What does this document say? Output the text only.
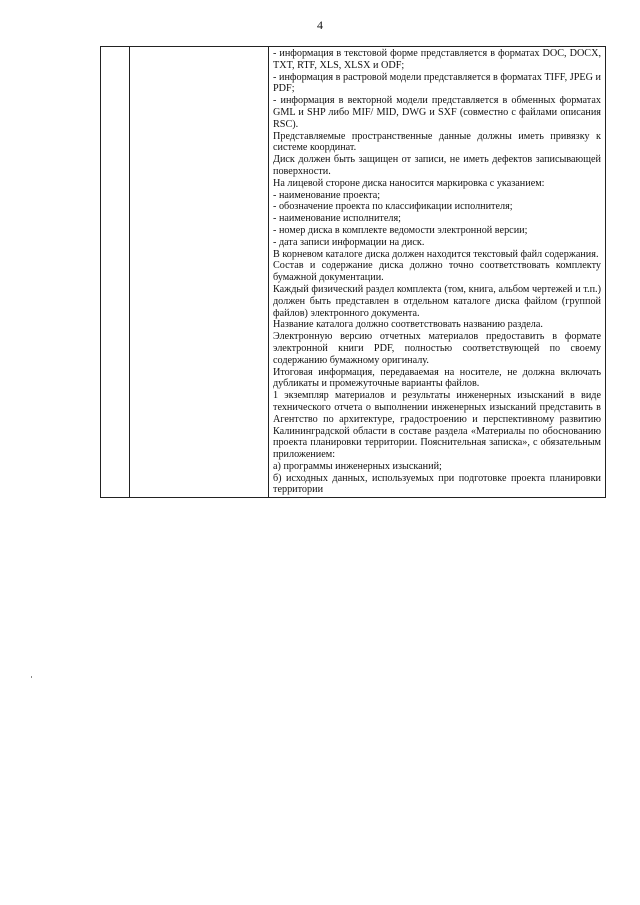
4

- информация в текстовой форме представляется в форматах DOC, DOCX, TXT, RTF, XLS, XLSX и ODF;

- информация в растровой модели представляется в форматах TIFF, JPEG и PDF;

- информация в векторной модели представляется в обменных форматах GML и SHP либо MIF/ MID, DWG и SXF (совместно с файлами описания RSC).

Представляемые пространственные данные должны иметь привязку к системе координат.

Диск должен быть защищен от записи, не иметь дефектов записывающей поверхности.

На лицевой стороне диска наносится маркировка с указанием:

- наименование проекта;

- обозначение проекта по классификации исполнителя;

- наименование исполнителя;

- номер диска в комплекте ведомости электронной версии;

- дата записи информации на диск.

В корневом каталоге диска должен находится текстовый файл содержания.

Состав и содержание диска должно точно соответствовать комплекту бумажной документации.

Каждый физический раздел комплекта (том, книга, альбом чертежей и т.п.) должен быть представлен в отдельном каталоге диска файлом (группой файлов) электронного документа.

Название каталога должно соответствовать названию раздела.

Электронную версию отчетных материалов предоставить в формате электронной книги PDF, полностью соответствующей по своему содержанию бумажному оригиналу.

Итоговая информация, передаваемая на носителе, не должна включать дубликаты и промежуточные варианты файлов.

1 экземпляр материалов и результаты инженерных изысканий в виде технического отчета о выполнении инженерных изысканий представить в Агентство по архитектуре, градостроению и перспективному развитию Калининградской области в составе раздела «Материалы по обоснованию проекта планировки территории. Пояснительная записка», с обязательным приложением:

а) программы инженерных изысканий;

б) исходных данных, используемых при подготовке проекта планировки территории
